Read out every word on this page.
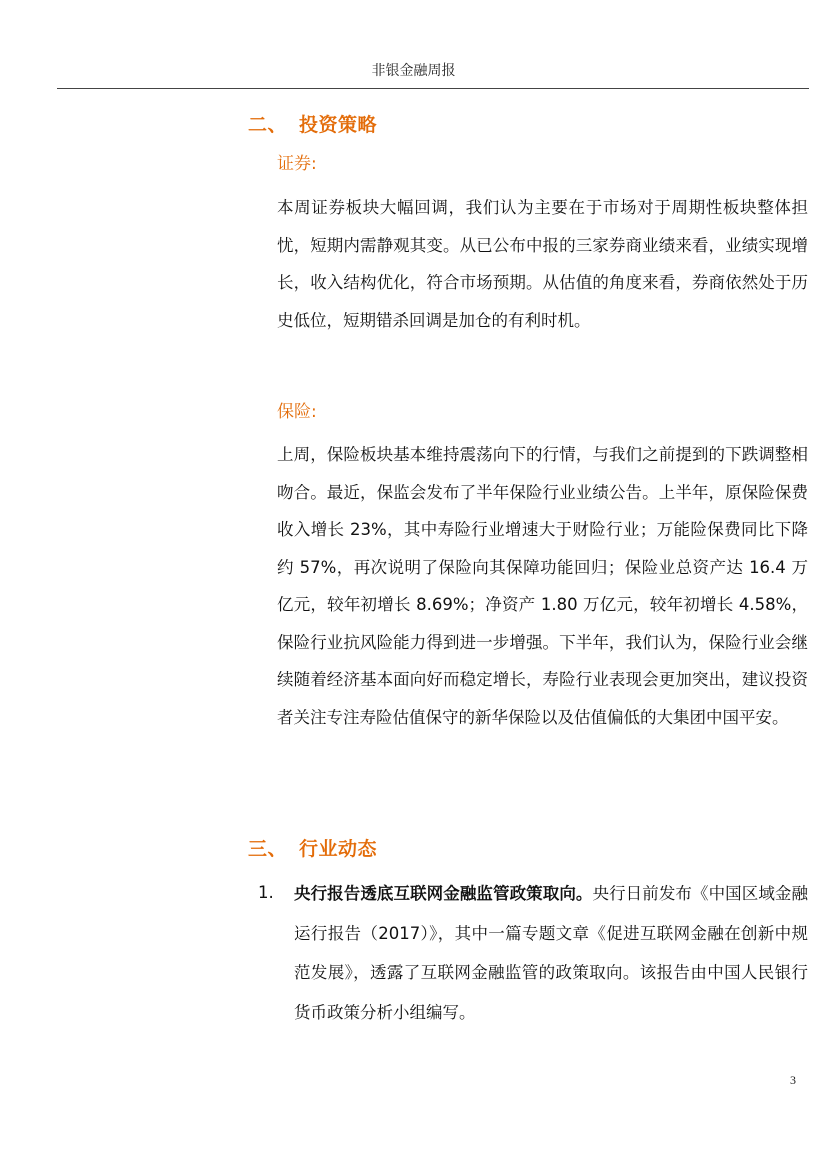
非银金融周报
二、 投资策略
证券:

本周证券板块大幅回调，我们认为主要在于市场对于周期性板块整体担忧，短期内需静观其变。从已公布中报的三家券商业绩来看，业绩实现增长，收入结构优化，符合市场预期。从估值的角度来看，券商依然处于历史低位，短期错杀回调是加仓的有利时机。

保险:

上周，保险板块基本维持震荡向下的行情，与我们之前提到的下跌调整相吻合。最近，保监会发布了半年保险行业业绩公告。上半年，原保险保费收入增长 23%，其中寿险行业增速大于财险行业；万能险保费同比下降约 57%，再次说明了保险向其保障功能回归；保险业总资产达 16.4 万亿元，较年初增长 8.69%；净资产 1.80 万亿元，较年初增长 4.58%，保险行业抗风险能力得到进一步增强。下半年，我们认为，保险行业会继续随着经济基本面向好而稳定增长，寿险行业表现会更加突出，建议投资者关注专注寿险估值保守的新华保险以及估值偏低的大集团中国平安。

三、 行业动态
1. 央行报告透底互联网金融监管政策取向。央行日前发布《中国区域金融运行报告（2017）》，其中一篇专题文章《促进互联网金融在创新中规范发展》，透露了互联网金融监管的政策取向。该报告由中国人民银行货币政策分析小组编写。

3
